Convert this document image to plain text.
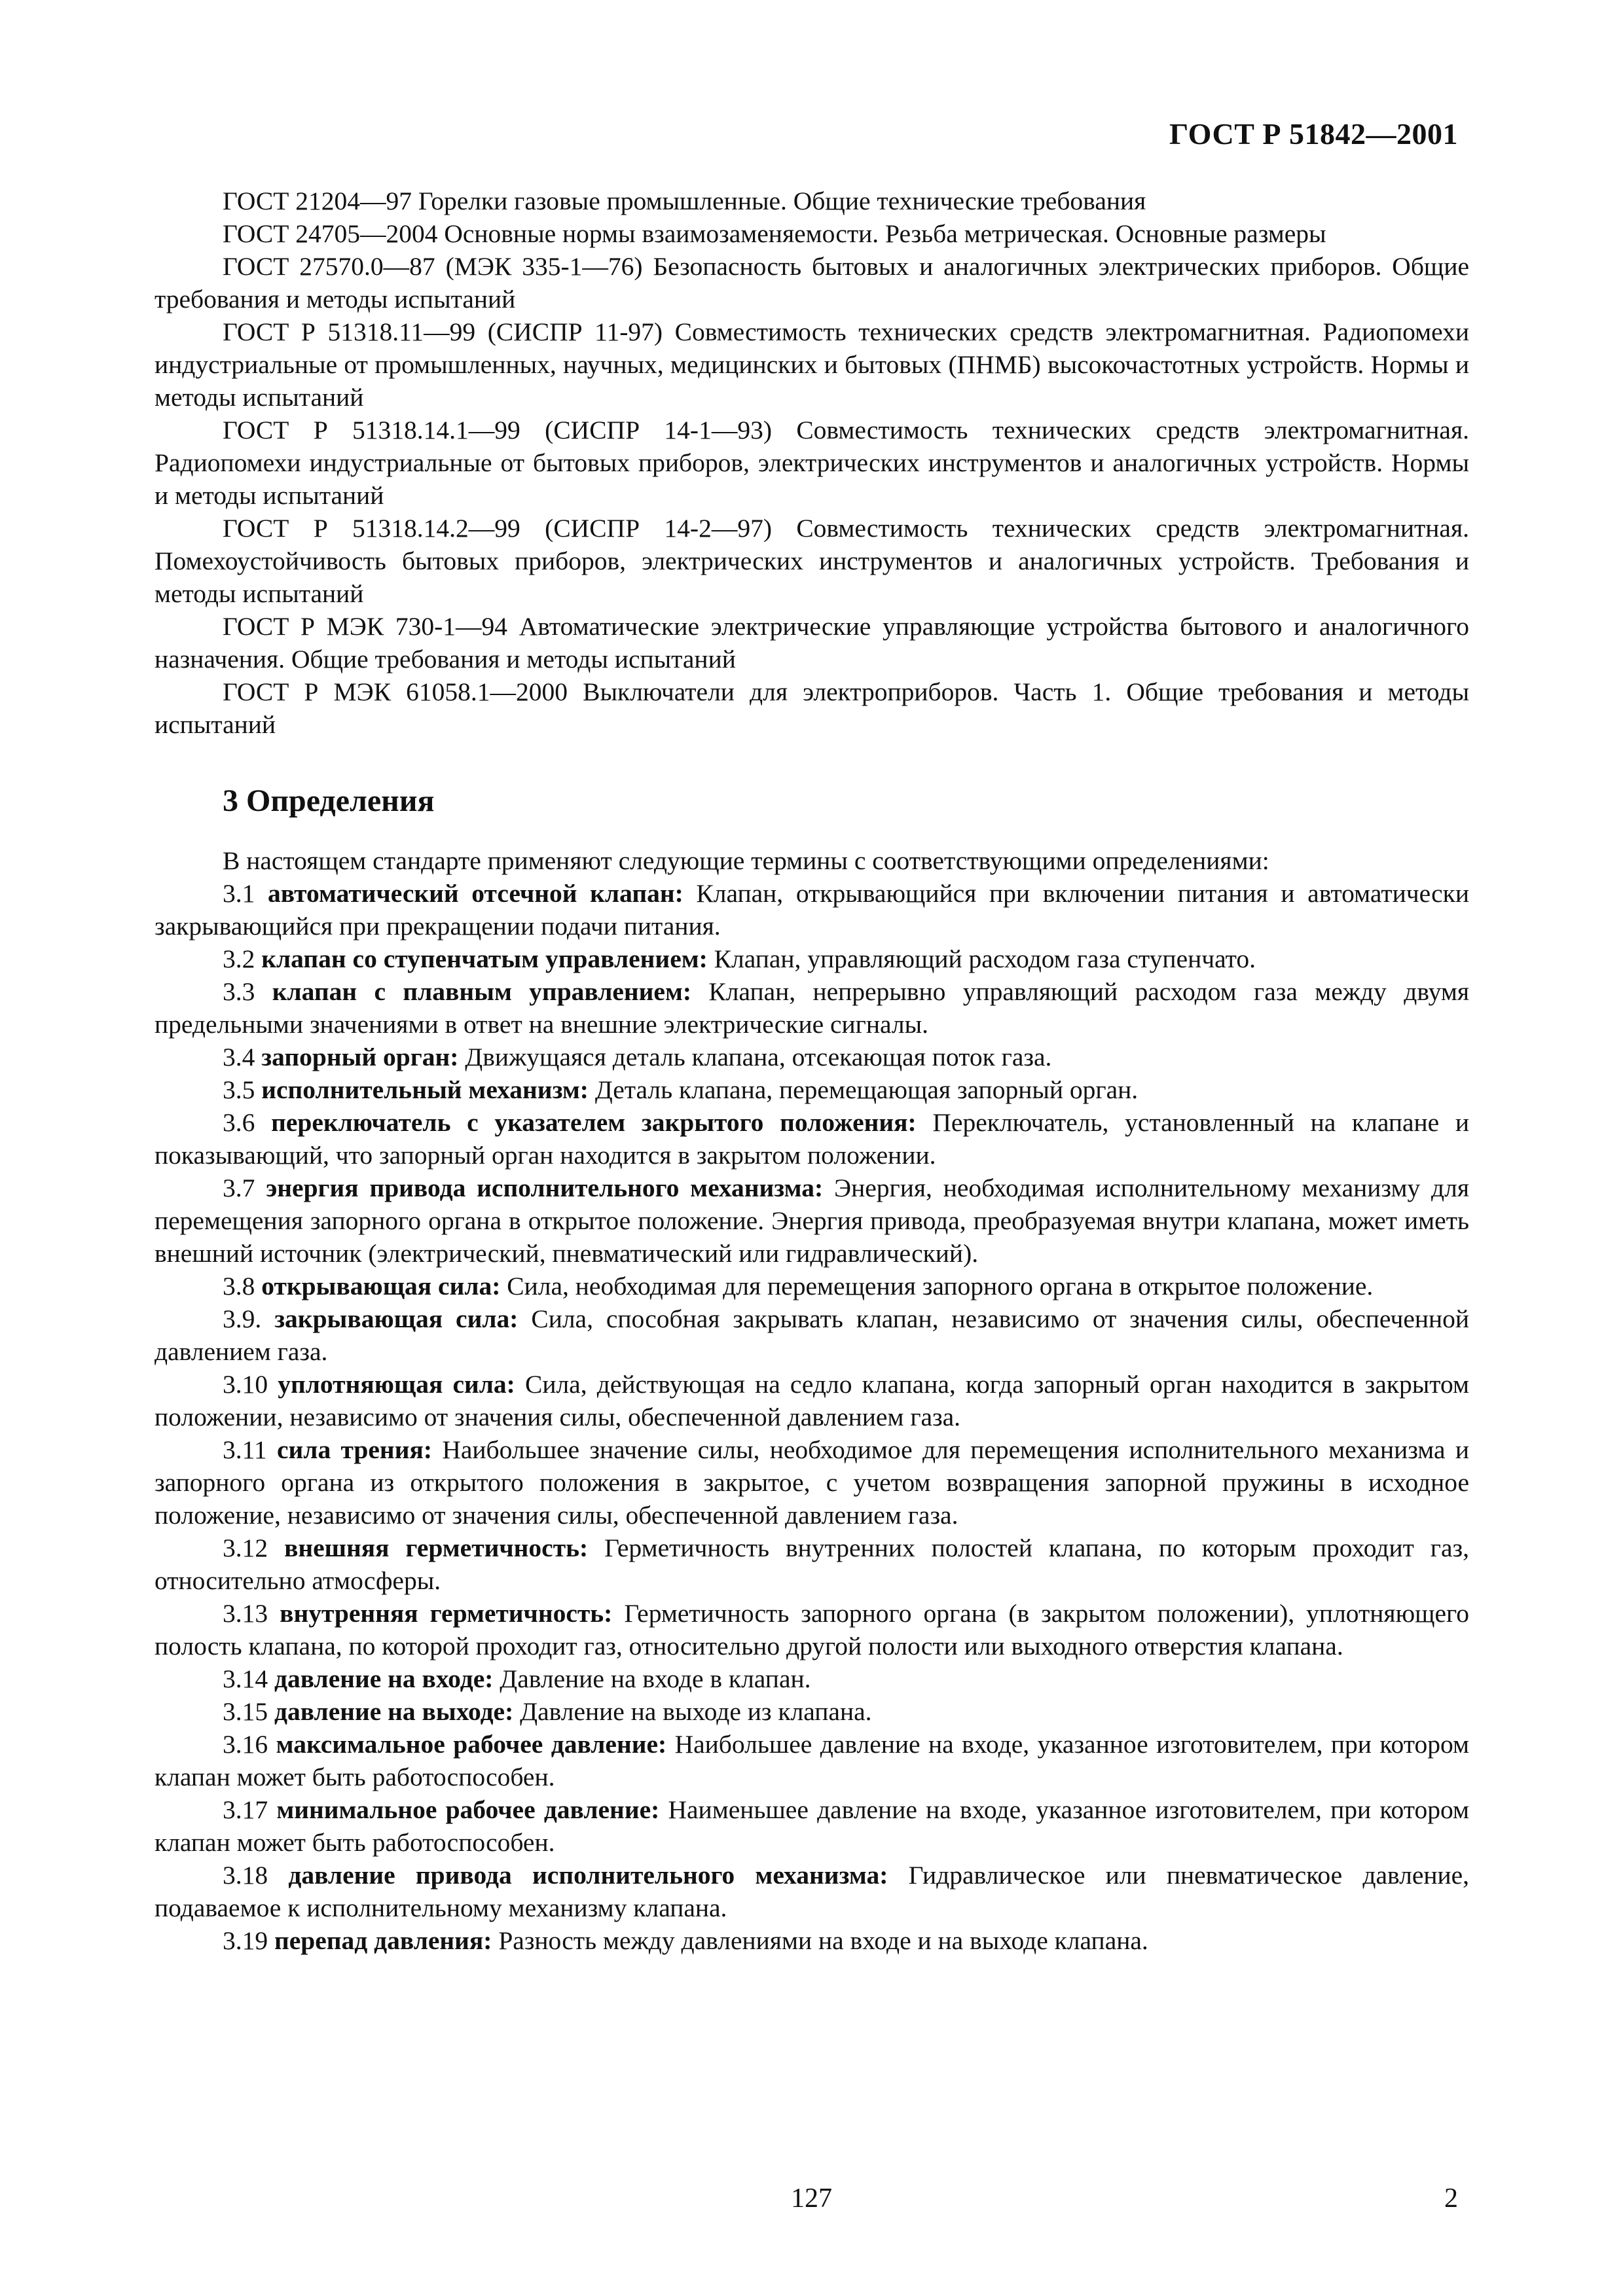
ГОСТ Р 51842—2001

ГОСТ 21204—97 Горелки газовые промышленные. Общие технические требования

ГОСТ 24705—2004 Основные нормы взаимозаменяемости. Резьба метрическая. Основные размеры

ГОСТ 27570.0—87 (МЭК 335-1—76) Безопасность бытовых и аналогичных электрических приборов. Общие требования и методы испытаний

ГОСТ Р 51318.11—99 (СИСПР 11-97) Совместимость технических средств электромагнитная. Радиопомехи индустриальные от промышленных, научных, медицинских и бытовых (ПНМБ) высокочастотных устройств. Нормы и методы испытаний

ГОСТ Р 51318.14.1—99 (СИСПР 14-1—93) Совместимость технических средств электромагнитная. Радиопомехи индустриальные от бытовых приборов, электрических инструментов и аналогичных устройств. Нормы и методы испытаний

ГОСТ Р 51318.14.2—99 (СИСПР 14-2—97) Совместимость технических средств электромагнитная. Помехоустойчивость бытовых приборов, электрических инструментов и аналогичных устройств. Требования и методы испытаний

ГОСТ Р МЭК 730-1—94 Автоматические электрические управляющие устройства бытового и аналогичного назначения. Общие требования и методы испытаний

ГОСТ Р МЭК 61058.1—2000 Выключатели для электроприборов. Часть 1. Общие требования и методы испытаний

3 Определения

В настоящем стандарте применяют следующие термины с соответствующими определениями:

3.1 автоматический отсечной клапан: Клапан, открывающийся при включении питания и автоматически закрывающийся при прекращении подачи питания.

3.2 клапан со ступенчатым управлением: Клапан, управляющий расходом газа ступенчато.

3.3 клапан с плавным управлением: Клапан, непрерывно управляющий расходом газа между двумя предельными значениями в ответ на внешние электрические сигналы.

3.4 запорный орган: Движущаяся деталь клапана, отсекающая поток газа.

3.5 исполнительный механизм: Деталь клапана, перемещающая запорный орган.

3.6 переключатель с указателем закрытого положения: Переключатель, установленный на клапане и показывающий, что запорный орган находится в закрытом положении.

3.7 энергия привода исполнительного механизма: Энергия, необходимая исполнительному механизму для перемещения запорного органа в открытое положение. Энергия привода, преобразуемая внутри клапана, может иметь внешний источник (электрический, пневматический или гидравлический).

3.8 открывающая сила: Сила, необходимая для перемещения запорного органа в открытое положение.

3.9. закрывающая сила: Сила, способная закрывать клапан, независимо от значения силы, обеспеченной давлением газа.

3.10 уплотняющая сила: Сила, действующая на седло клапана, когда запорный орган находится в закрытом положении, независимо от значения силы, обеспеченной давлением газа.

3.11 сила трения: Наибольшее значение силы, необходимое для перемещения исполнительного механизма и запорного органа из открытого положения в закрытое, с учетом возвращения запорной пружины в исходное положение, независимо от значения силы, обеспеченной давлением газа.

3.12 внешняя герметичность: Герметичность внутренних полостей клапана, по которым проходит газ, относительно атмосферы.

3.13 внутренняя герметичность: Герметичность запорного органа (в закрытом положении), уплотняющего полость клапана, по которой проходит газ, относительно другой полости или выходного отверстия клапана.

3.14 давление на входе: Давление на входе в клапан.

3.15 давление на выходе: Давление на выходе из клапана.

3.16 максимальное рабочее давление: Наибольшее давление на входе, указанное изготовителем, при котором клапан может быть работоспособен.

3.17 минимальное рабочее давление: Наименьшее давление на входе, указанное изготовителем, при котором клапан может быть работоспособен.

3.18 давление привода исполнительного механизма: Гидравлическое или пневматическое давление, подаваемое к исполнительному механизму клапана.

3.19 перепад давления: Разность между давлениями на входе и на выходе клапана.

127	2
